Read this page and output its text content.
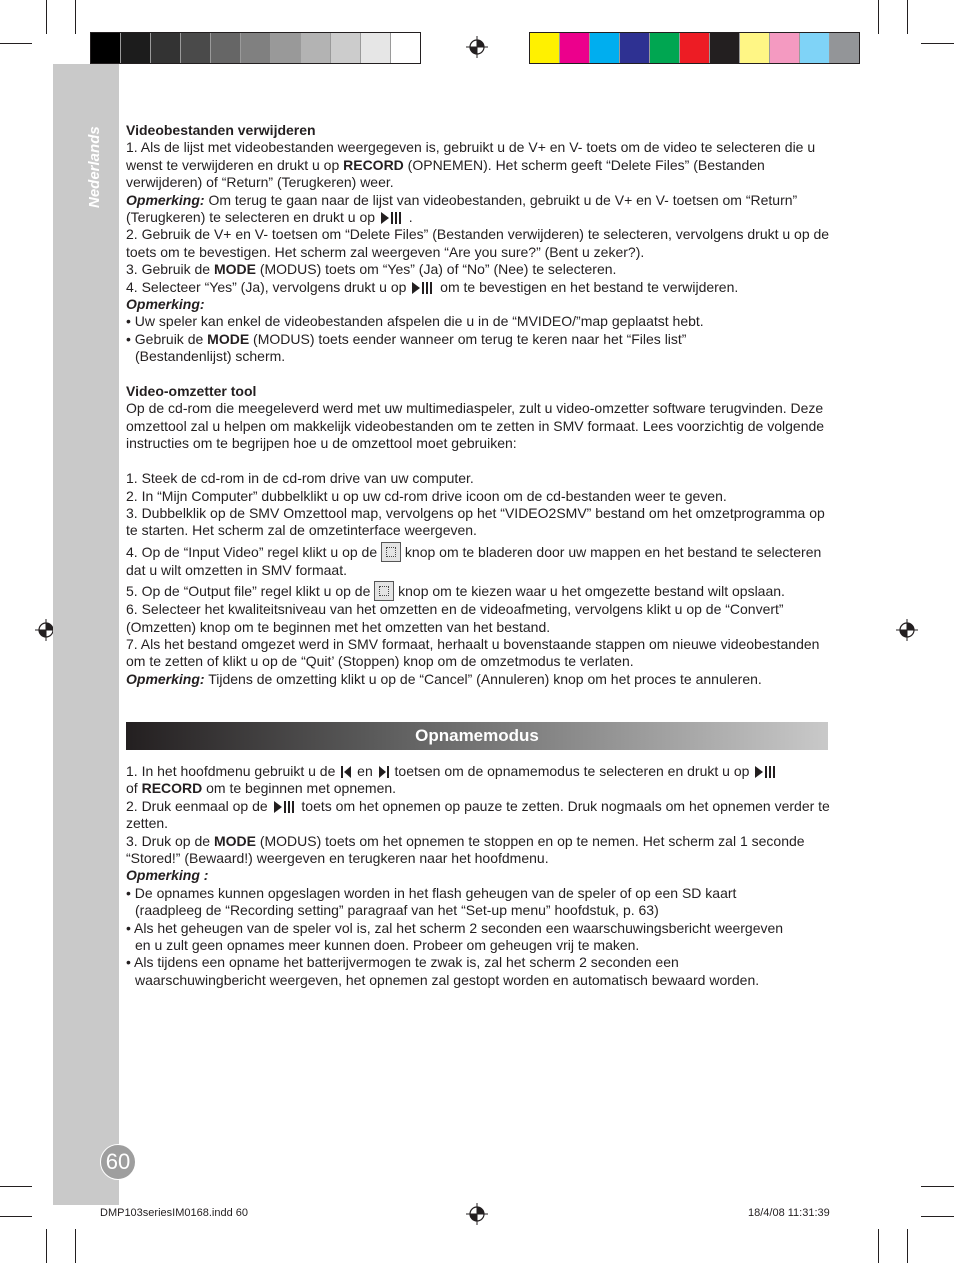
Nederlands
60

Videobestanden verwijderen

1. Als de lijst met videobestanden weergegeven is, gebruikt u de V+ en V- toets om de video te selecteren die u wenst te verwijderen en drukt u op RECORD (OPNEMEN). Het scherm geeft “Delete Files” (Bestanden verwijderen) of “Return” (Terugkeren) weer.

Opmerking: Om terug te gaan naar de lijst van videobestanden, gebruikt u de V+ en V- toetsen om “Return” (Terugkeren) te selecteren en drukt u op  .

2. Gebruik de V+ en V- toetsen om “Delete Files” (Bestanden verwijderen) te selecteren, vervolgens drukt u op de toets om te bevestigen. Het scherm zal weergeven “Are you sure?” (Bent u zeker?).

3. Gebruik de MODE (MODUS) toets om “Yes” (Ja) of “No” (Nee) te selecteren.

4. Selecteer “Yes” (Ja), vervolgens drukt u op  om te bevestigen en het bestand te verwijderen.

Opmerking:

• Uw speler kan enkel de videobestanden afspelen die u in de “MVIDEO/”map geplaatst hebt.

• Gebruik de MODE (MODUS) toets eender wanneer om terug te keren naar het “Files list”

(Bestandenlijst) scherm.

Video-omzetter tool

Op de cd-rom die meegeleverd werd met uw multimediaspeler, zult u video-omzetter software terugvinden. Deze omzettool zal u helpen om makkelijk videobestanden om te zetten in SMV formaat. Lees voorzichtig de volgende instructies om te begrijpen hoe u de omzettool moet gebruiken:

1. Steek de cd-rom in de cd-rom drive van uw computer.

2. In “Mijn Computer” dubbelklikt u op uw cd-rom drive icoon om de cd-bestanden weer te geven.

3. Dubbelklik op de SMV Omzettool map, vervolgens op het “VIDEO2SMV” bestand om het omzetprogramma op te starten. Het scherm zal de omzetinterface weergeven.

4. Op de “Input Video” regel klikt u op de  knop om te bladeren door uw mappen en het bestand te selecteren dat u wilt omzetten in SMV formaat.

5. Op de “Output file” regel klikt u op de  knop om te kiezen waar u het omgezette bestand wilt opslaan.

6. Selecteer het kwaliteitsniveau van het omzetten en de videoafmeting, vervolgens klikt u op de “Convert” (Omzetten) knop om te beginnen met het omzetten van het bestand.

7. Als het bestand omgezet werd in SMV formaat, herhaalt u bovenstaande stappen om nieuwe videobestanden om te zetten of klikt u op de “Quit’ (Stoppen) knop om de omzetmodus te verlaten.

Opmerking: Tijdens de omzetting klikt u op de “Cancel” (Annuleren) knop om het proces te annuleren.

Opnamemodus

1. In het hoofdmenu gebruikt u de  en  toetsen om de opnamemodus te selecteren en drukt u op

of RECORD om te beginnen met opnemen.

2. Druk eenmaal op de  toets om het opnemen op pauze te zetten. Druk nogmaals om het opnemen verder te zetten.

3. Druk op de MODE (MODUS) toets om het opnemen te stoppen en op te nemen. Het scherm zal 1 seconde “Stored!” (Bewaard!) weergeven en terugkeren naar het hoofdmenu.

Opmerking :

• De opnames kunnen opgeslagen worden in het flash geheugen van de speler of op een SD kaart

(raadpleeg de “Recording setting” paragraaf van het “Set-up menu” hoofdstuk, p. 63)

• Als het geheugen van de speler vol is, zal het scherm 2 seconden een waarschuwingsbericht weergeven

en u zult geen opnames meer kunnen doen. Probeer om geheugen vrij te maken.

• Als tijdens een opname het batterijvermogen te zwak is, zal het scherm 2 seconden een

waarschuwingbericht weergeven, het opnemen zal gestopt worden en automatisch bewaard worden.

DMP103seriesIM0168.indd 60	18/4/08 11:31:39
